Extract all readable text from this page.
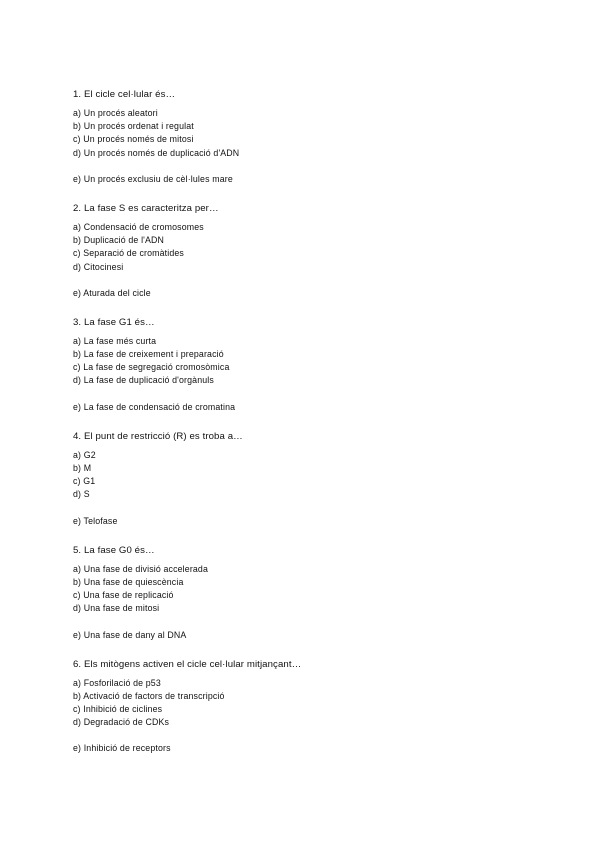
1. El cicle cel·lular és…
a) Un procés aleatori
b) Un procés ordenat i regulat
c) Un procés només de mitosi
d) Un procés només de duplicació d'ADN
e) Un procés exclusiu de cèl·lules mare
2. La fase S es caracteritza per…
a) Condensació de cromosomes
b) Duplicació de l'ADN
c) Separació de cromàtides
d) Citocinesi
e) Aturada del cicle
3. La fase G1 és…
a) La fase més curta
b) La fase de creixement i preparació
c) La fase de segregació cromosòmica
d) La fase de duplicació d'orgànuls
e) La fase de condensació de cromatina
4. El punt de restricció (R) es troba a…
a) G2
b) M
c) G1
d) S
e) Telofase
5. La fase G0 és…
a) Una fase de divisió accelerada
b) Una fase de quiescència
c) Una fase de replicació
d) Una fase de mitosi
e) Una fase de dany al DNA
6. Els mitògens activen el cicle cel·lular mitjançant…
a) Fosforilació de p53
b) Activació de factors de transcripció
c) Inhibició de ciclines
d) Degradació de CDKs
e) Inhibició de receptors
